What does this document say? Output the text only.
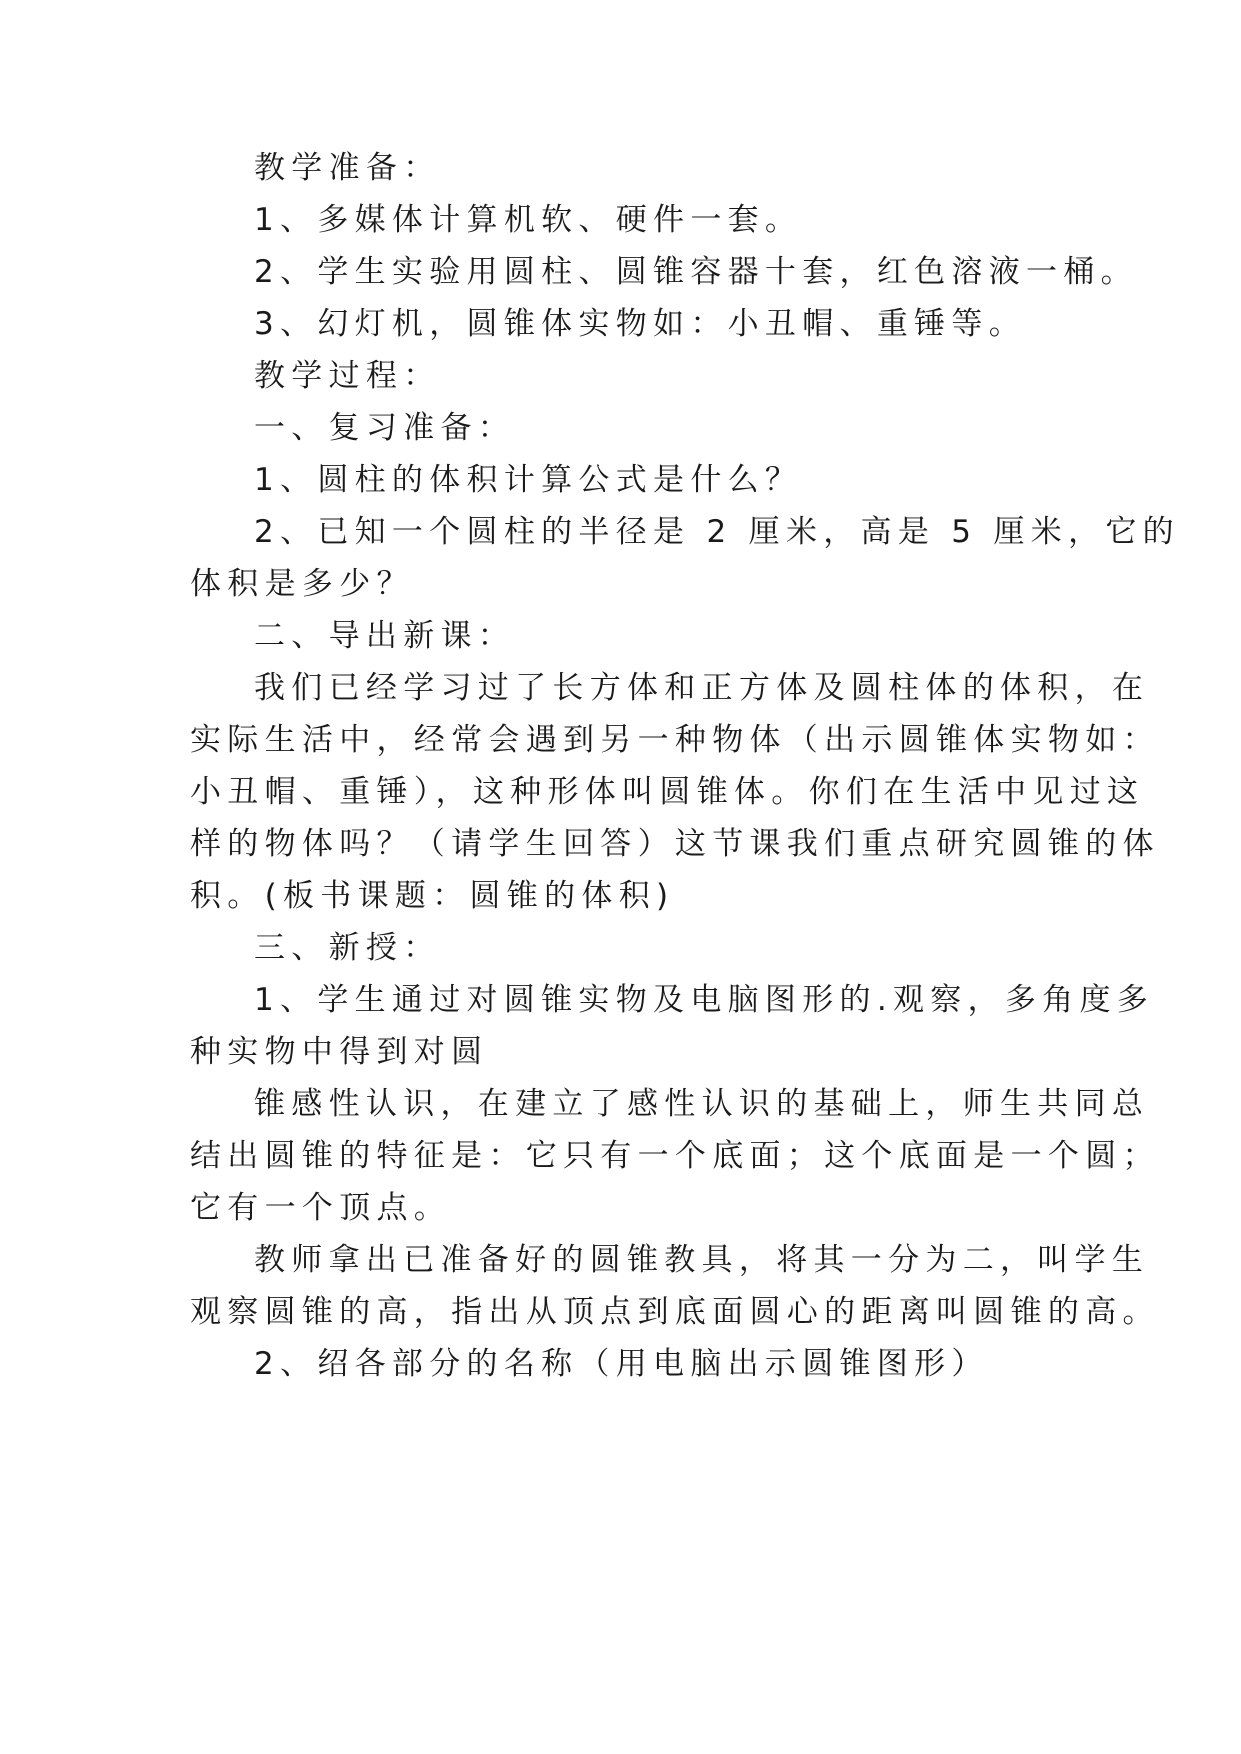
教学准备：

1、多媒体计算机软、硬件一套。

2、学生实验用圆柱、圆锥容器十套，红色溶液一桶。

3、幻灯机，圆锥体实物如：小丑帽、重锤等。

教学过程：

一、复习准备：

1、圆柱的体积计算公式是什么？

2、已知一个圆柱的半径是 2 厘米，高是 5 厘米，它的

体积是多少？

二、导出新课：

我们已经学习过了长方体和正方体及圆柱体的体积，在

实际生活中，经常会遇到另一种物体（出示圆锥体实物如：

小丑帽、重锤），这种形体叫圆锥体。你们在生活中见过这

样的物体吗？（请学生回答）这节课我们重点研究圆锥的体

积。(板书课题：圆锥的体积)

三、新授：

1、学生通过对圆锥实物及电脑图形的.观察，多角度多

种实物中得到对圆

锥感性认识，在建立了感性认识的基础上，师生共同总

结出圆锥的特征是：它只有一个底面；这个底面是一个圆；

它有一个顶点。

教师拿出已准备好的圆锥教具，将其一分为二，叫学生

观察圆锥的高，指出从顶点到底面圆心的距离叫圆锥的高。

2、绍各部分的名称（用电脑出示圆锥图形）
